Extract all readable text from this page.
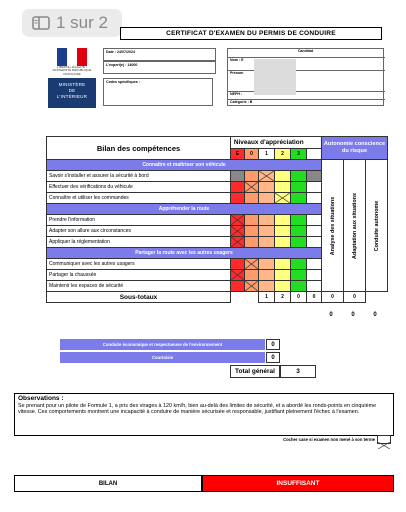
1 sur 2
CERTIFICAT D'EXAMEN DU PERMIS DE CONDUIRE
LIBERTÉ • ÉGALITÉ • FRATERNITÉ RÉPUBLIQUE FRANÇAISE
MINISTÈRE
DE
L'INTÉRIEUR
Date : 24/07/2024
L'expert(e) : 14000
Codes spécifiques :
Candidat
Nom : E
Prénom
NEPH :
Catégorie : B
Bilan des compétences	Niveaux d'appréciation						Autonomie conscience du risque		
	E	0	1	2	3				
Connaître et maîtriser son véhicule							Analyse des situations	Adaptation aux situations	Conduite autonome

Savoir s'installer et assurer la sécurité à bord			

Effectuer des vérifications du véhicule		

Connaître et utiliser les commandes				

Appréhender la route									
Prendre l'information	

Adapter son allure aux circonstances	

Appliquer la réglementation	

Partager la route avec les autres usagers									
Communiquer avec les autres usagers		

Partager la chaussée	

Maintenir les espaces de sécurité		

Sous-totaux			1	2	0	0	0	0	
0	0	0
Conduite économique et respectueuse de l'environnement	0
Courtoisie	0
Total général	3
Observations :
Se prenant pour un pilote de Formule 1, a pris des virages à 120 km/h, bien au-delà des limites de sécurité, et a abordé les ronds-points en cinquième vitesse. Ces comportements montrent une incapacité à conduire de manière sécurisée et responsable, justifiant pleinement l'échec à l'examen.
Cocher case si examen non mené à son terme
BILAN	INSUFFISANT
